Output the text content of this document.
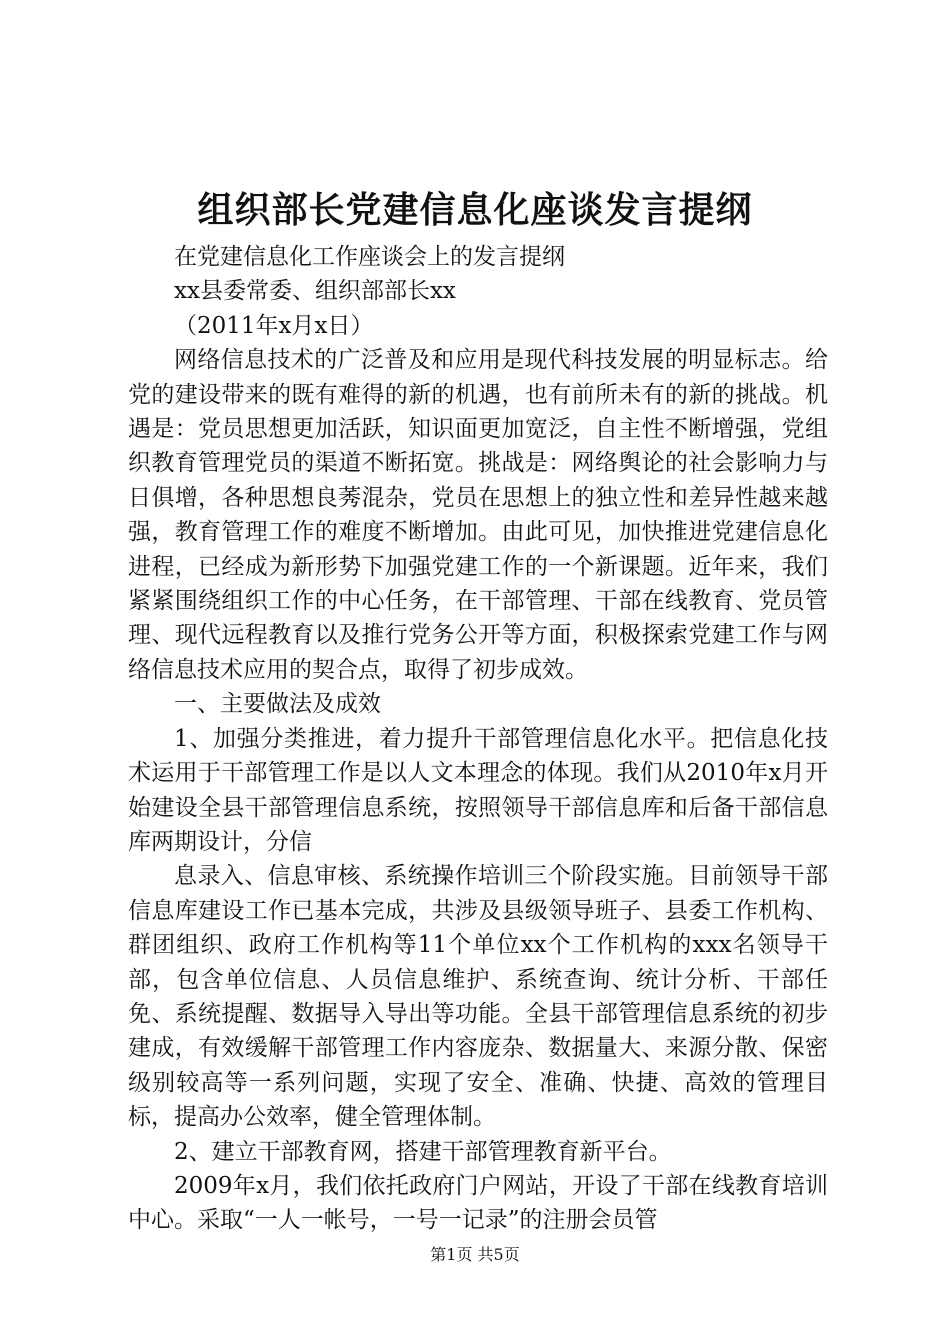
组织部长党建信息化座谈发言提纲

在党建信息化工作座谈会上的发言提纲

xx县委常委、组织部部长xx

（2011年x月x日）

网络信息技术的广泛普及和应用是现代科技发展的明显标志。给党的建设带来的既有难得的新的机遇，也有前所未有的新的挑战。机遇是：党员思想更加活跃，知识面更加宽泛，自主性不断增强，党组织教育管理党员的渠道不断拓宽。挑战是：网络舆论的社会影响力与日俱增，各种思想良莠混杂，党员在思想上的独立性和差异性越来越强，教育管理工作的难度不断增加。由此可见，加快推进党建信息化进程，已经成为新形势下加强党建工作的一个新课题。近年来，我们紧紧围绕组织工作的中心任务，在干部管理、干部在线教育、党员管理、现代远程教育以及推行党务公开等方面，积极探索党建工作与网络信息技术应用的契合点，取得了初步成效。

一、主要做法及成效

1、加强分类推进，着力提升干部管理信息化水平。把信息化技术运用于干部管理工作是以人文本理念的体现。我们从2010年x月开始建设全县干部管理信息系统，按照领导干部信息库和后备干部信息库两期设计，分信

息录入、信息审核、系统操作培训三个阶段实施。目前领导干部信息库建设工作已基本完成，共涉及县级领导班子、县委工作机构、群团组织、政府工作机构等11个单位xx个工作机构的xxx名领导干部，包含单位信息、人员信息维护、系统查询、统计分析、干部任免、系统提醒、数据导入导出等功能。全县干部管理信息系统的初步建成，有效缓解干部管理工作内容庞杂、数据量大、来源分散、保密级别较高等一系列问题，实现了安全、准确、快捷、高效的管理目标，提高办公效率，健全管理体制。

2、建立干部教育网，搭建干部管理教育新平台。

2009年x月，我们依托政府门户网站，开设了干部在线教育培训中心。采取“一人一帐号，一号一记录”的注册会员管

第1页 共5页
